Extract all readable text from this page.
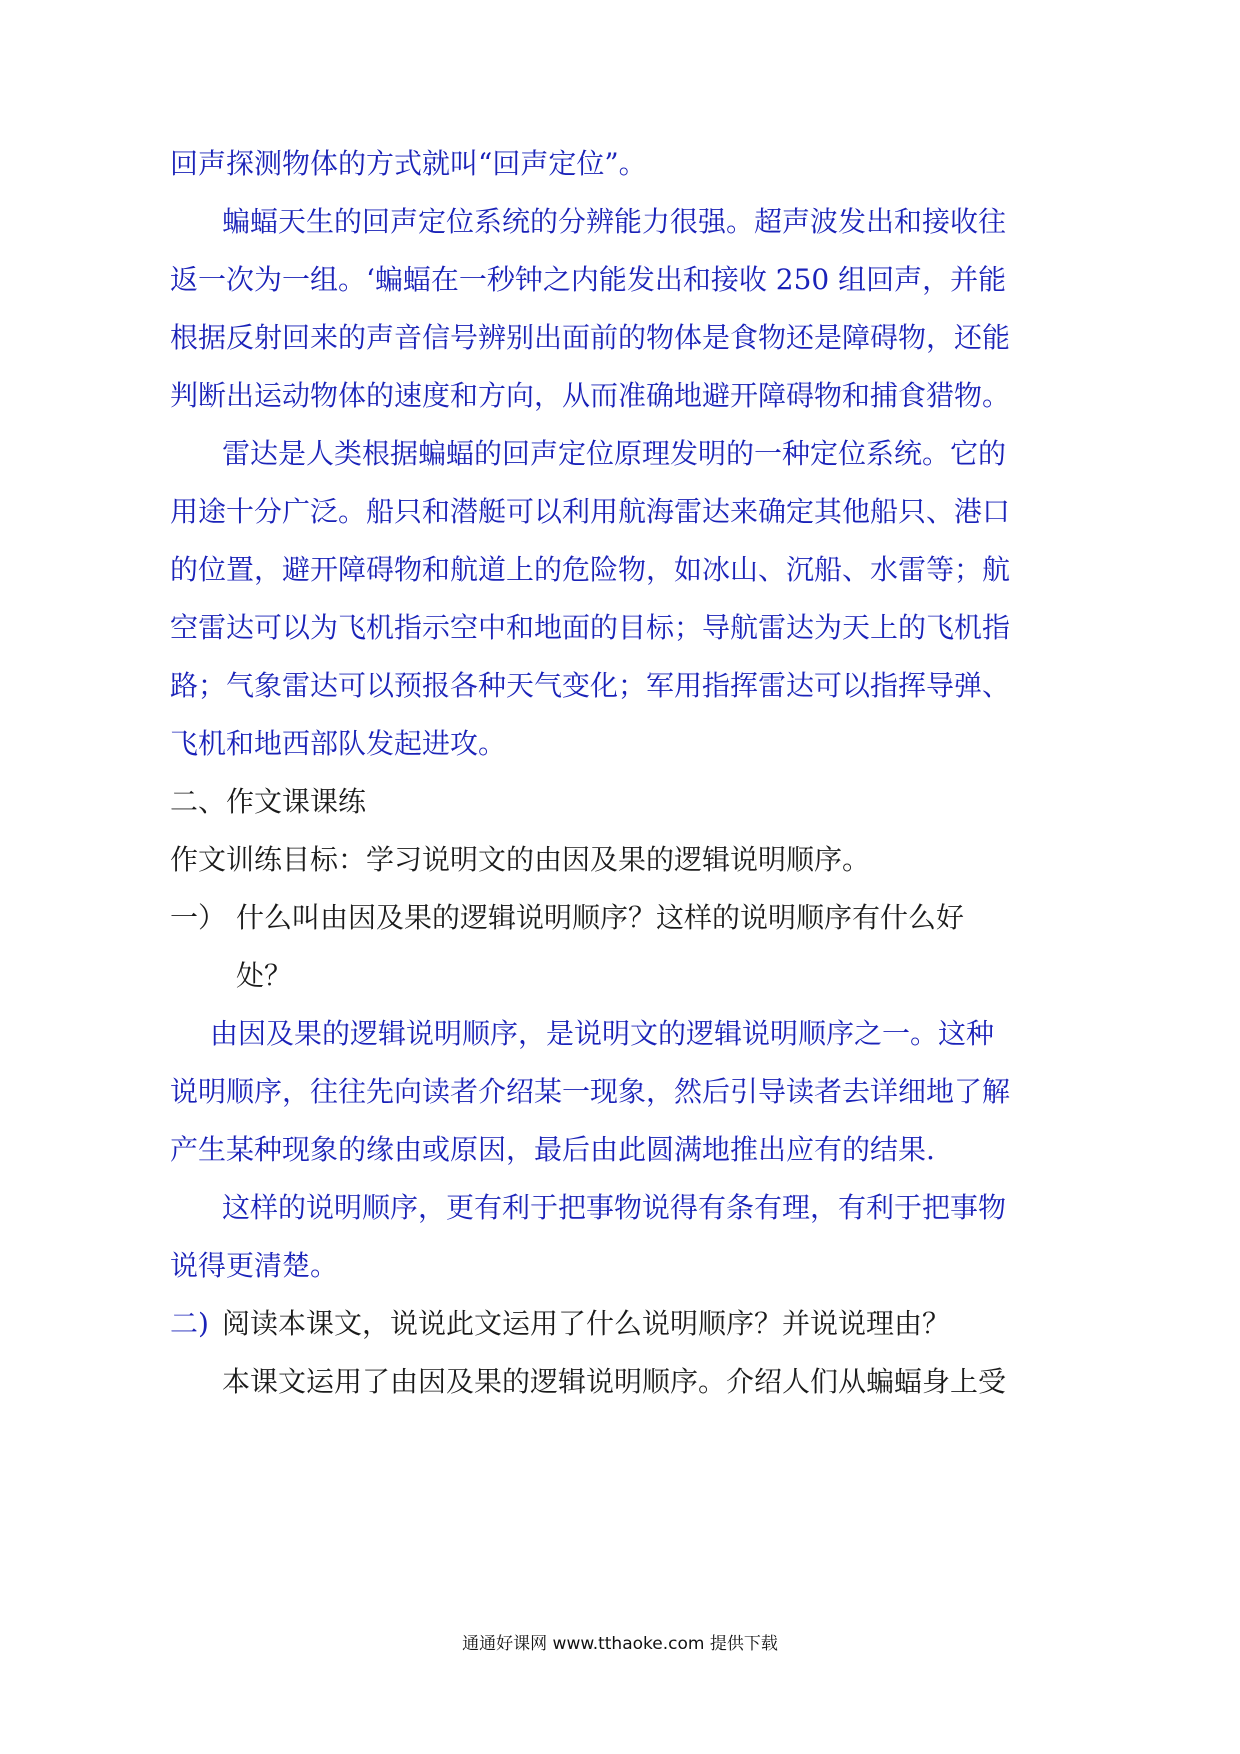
回声探测物体的方式就叫“回声定位”。
蝙蝠天生的回声定位系统的分辨能力很强。超声波发出和接收往
返一次为一组。‘蝙蝠在一秒钟之内能发出和接收 250 组回声，并能
根据反射回来的声音信号辨别出面前的物体是食物还是障碍物，还能
判断出运动物体的速度和方向，从而准确地避开障碍物和捕食猎物。
雷达是人类根据蝙蝠的回声定位原理发明的一种定位系统。它的
用途十分广泛。船只和潜艇可以利用航海雷达来确定其他船只、港口
的位置，避开障碍物和航道上的危险物，如冰山、沉船、水雷等；航
空雷达可以为飞机指示空中和地面的目标；导航雷达为天上的飞机指
路；气象雷达可以预报各种天气变化；军用指挥雷达可以指挥导弹、
飞机和地西部队发起进攻。
二、作文课课练
作文训练目标：学习说明文的由因及果的逻辑说明顺序。
一） 什么叫由因及果的逻辑说明顺序？这样的说明顺序有什么好
处？
由因及果的逻辑说明顺序，是说明文的逻辑说明顺序之一。这种
说明顺序，往往先向读者介绍某一现象，然后引导读者去详细地了解
产生某种现象的缘由或原因，最后由此圆满地推出应有的结果.
这样的说明顺序，更有利于把事物说得有条有理，有利于把事物
说得更清楚。
二) 阅读本课文，说说此文运用了什么说明顺序？并说说理由？
本课文运用了由因及果的逻辑说明顺序。介绍人们从蝙蝠身上受
通通好课网 www.tthaoke.com 提供下载
